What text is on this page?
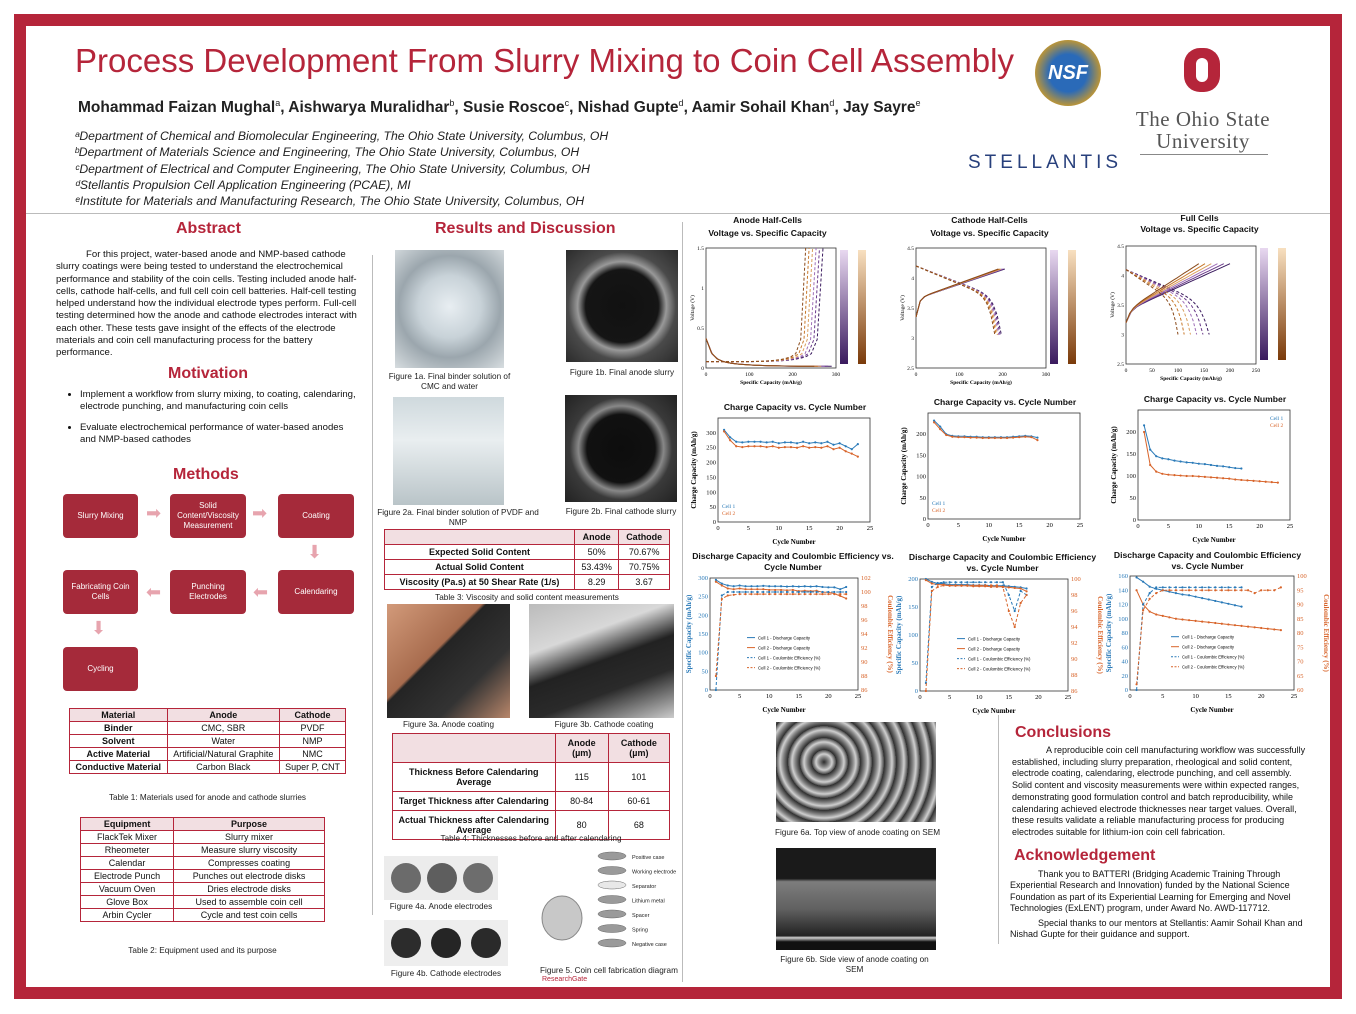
Process Development From Slurry Mixing to Coin Cell Assembly
Mohammad Faizan Mughal$^a$, Aishwarya Muralidhar$^b$, Susie Roscoe$^c$, Nishad Gupte$^d$, Aamir Sohail Khan$^d$, Jay Sayre$^e$
ᵃDepartment of Chemical and Biomolecular Engineering, The Ohio State University, Columbus, OH
ᵇDepartment of Materials Science and Engineering, The Ohio State University, Columbus, OH
ᶜDepartment of Electrical and Computer Engineering, The Ohio State University, Columbus, OH
ᵈStellantis Propulsion Cell Application Engineering (PCAE), MI
ᵉInstitute for Materials and Manufacturing Research, The Ohio State University, Columbus, OH
NSF
STELLANTIS
The Ohio State
University
Abstract
For this project, water-based anode and NMP-based cathode slurry coatings were being tested to understand the electrochemical performance and stability of the coin cells. Testing included anode half-cells, cathode half-cells, and full cell coin cell batteries. Half-cell testing helped understand how the individual electrode types perform. Full-cell testing determined how the anode and cathode electrodes interact with each other. These tests gave insight of the effects of the electrode materials and coin cell manufacturing process for the battery performance.
Motivation
• Implement a workflow from slurry mixing, to coating, calendaring, electrode punching, and manufacturing coin cells
• Evaluate electrochemical performance of water-based anodes and NMP-based cathodes
Methods
Slurry Mixing	➡	Solid Content/Viscosity Measurement
➡	Coating
⬇
Calendaring
⬅
Punching Electrodes
⬅
Fabricating Coin Cells
⬇
Cycling
Material	Anode	Cathode
Binder	CMC, SBR	PVDF
Solvent	Water	NMP
Active Material	Artificial/Natural Graphite	NMC
Conductive Material	Carbon Black	Super P, CNT
Table 1: Materials used for anode and cathode slurries
Equipment	Purpose
FlackTek Mixer	Slurry mixer
Rheometer	Measure slurry viscosity
Calendar	Compresses coating
Electrode Punch	Punches out electrode disks
Vacuum Oven	Dries electrode disks
Glove Box	Used to assemble coin cell
Arbin Cycler	Cycle and test coin cells
Table 2: Equipment used and its purpose
Results and Discussion
Figure 1a. Final binder solution of CMC and water
Figure 1b. Final anode slurry
Figure 2a. Final binder solution of PVDF and NMP
Figure 2b. Final cathode slurry
	Anode	Cathode
Expected Solid Content	50%	70.67%
Actual Solid Content	53.43%	70.75%
Viscosity (Pa.s) at 50 Shear Rate (1/s)	8.29	3.67
Table 3: Viscosity and solid content measurements
Figure 3a. Anode coating	Figure 3b. Cathode coating
	Anode (µm)	Cathode (µm)
Thickness Before Calendaring Average	115	101
Target Thickness after Calendaring	80-84	60-61
Actual Thickness after Calendaring Average	80	68
Table 4: Thicknesses before and after calendaring
Figure 4a. Anode electrodes
Figure 4b. Cathode electrodes
Positive case
Working electrode
Separator
Lithium metal
Spacer
Spring
Negative case
Figure 5. Coin cell fabrication diagram
ResearchGate
Anode Half-Cells
Voltage vs. Specific Capacity
Cathode Half-Cells
Voltage vs. Specific Capacity
Full Cells
Voltage vs. Specific Capacity
0	100	200	300
0
0.5
1
1.5
Specific Capacity (mAh/g)
Voltage (V)
0	100	200	300
2.5
3
3.5
4
4.5
Specific Capacity (mAh/g)
Voltage (V)
0	50	100	150	200	250
2.5
3
3.5
4
4.5
Specific Capacity (mAh/g)
Voltage (V)
Charge Capacity vs. Cycle Number	Charge Capacity vs. Cycle Number	Charge Capacity vs. Cycle Number
0	5	10	15	20	25
0
50
100
150
200
250
300
Cycle Number
Charge Capacity (mAh/g)	Cell 1
Cell 2
0	5	10	15	20	25
0
50
100
150
200
Cycle Number
Charge Capacity (mAh/g)	Cell 1
Cell 2
0	5	10	15	20	25
0
50
100
150
200
Cycle Number
Charge Capacity (mAh/g)
Cell 1
Cell 2
Discharge Capacity and Coulombic Efficiency vs. Cycle Number
Discharge Capacity and Coulombic Efficiency vs. Cycle Number
Discharge Capacity and Coulombic Efficiency vs. Cycle Number
0	5	10	15	20	25
0
50
100
150
200
250
300
86
88
90
92
94
96
98
100
102
Cycle Number
Specific Capacity (mAh/g)	Coulombic Efficiency (%)
Cell 1 - Discharge Capacity
Cell 2 - Discharge Capacity
Cell 1 - Coulombic Efficiency (%)
Cell 2 - Coulombic Efficiency (%)
0	5	10	15	20	25
0
50
100
150
200
86
88
90
92
94
96
98
100
Cycle Number
Specific Capacity (mAh/g)	Coulombic Efficiency (%)
Cell 1 - Discharge Capacity
Cell 2 - Discharge Capacity
Cell 1 - Coulombic Efficiency (%)
Cell 2 - Coulombic Efficiency (%)
0	5	10	15	20	25
0
20
40
60
80
100
120
140
160
60
65
70
75
80
85
90
95
100
Cycle Number
Specific Capacity (mAh/g)	Coulombic Efficiency (%)
Cell 1 - Discharge Capacity
Cell 2 - Discharge Capacity
Cell 1 - Coulombic Efficiency (%)
Cell 2 - Coulombic Efficiency (%)
Figure 6a. Top view of anode coating on SEM
Figure 6b. Side view of anode coating on SEM
Conclusions
A reproducible coin cell manufacturing workflow was successfully established, including slurry preparation, rheological and solid content, electrode coating, calendaring, electrode punching, and cell assembly. Solid content and viscosity measurements were within expected ranges, demonstrating good formulation control and batch reproducibility, while calendaring achieved electrode thicknesses near target values. Overall, these results validate a reliable manufacturing process for producing electrodes suitable for lithium-ion coin cell fabrication.
Acknowledgement
Thank you to BATTERI (Bridging Academic Training Through Experiential Research and Innovation) funded by the National Science Foundation as part of its Experiential Learning for Emerging and Novel Technologies (ExLENT) program, under Award No. AWD-117712.
Special thanks to our mentors at Stellantis: Aamir Sohail Khan and Nishad Gupte for their guidance and support.
